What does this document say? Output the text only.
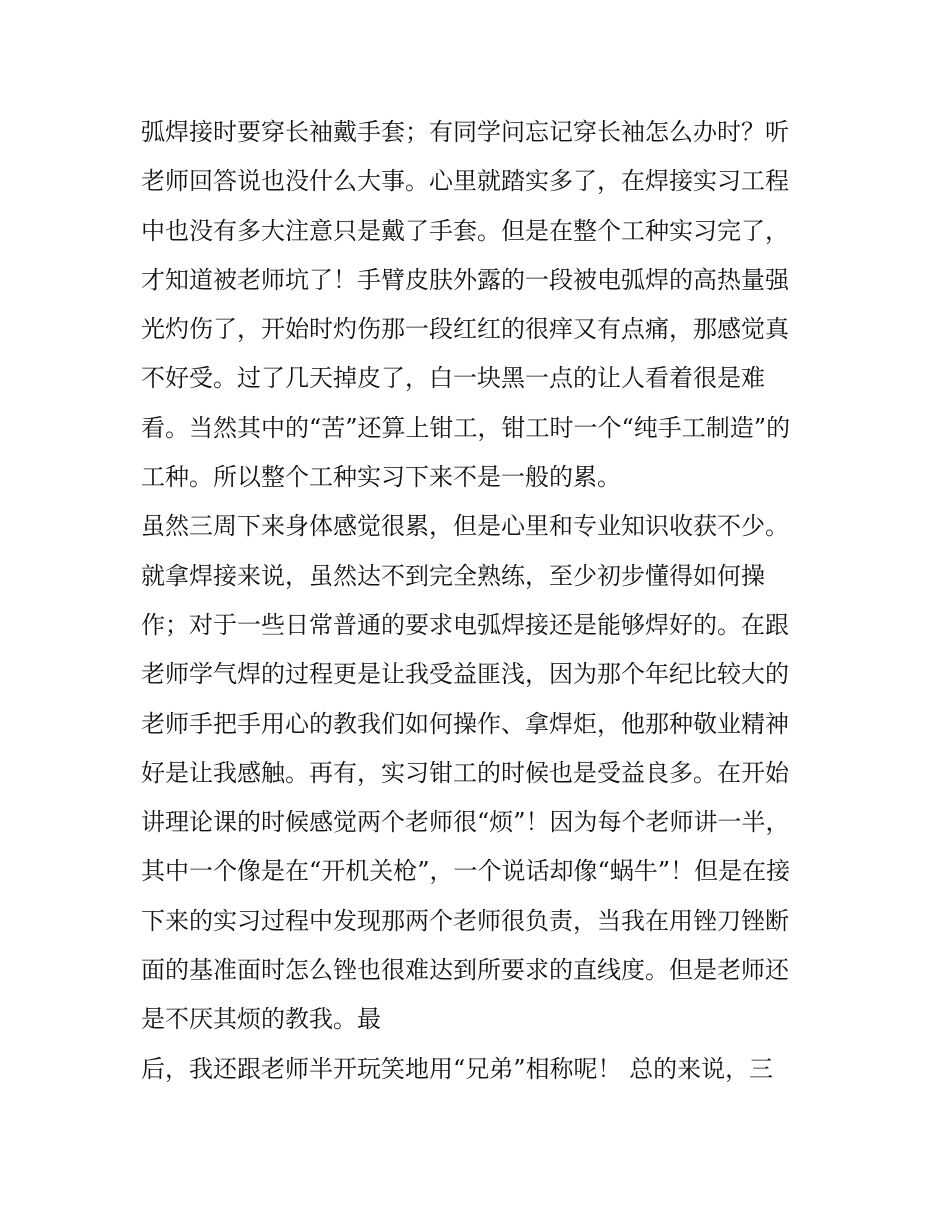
弧焊接时要穿长袖戴手套；有同学问忘记穿长袖怎么办时？听
老师回答说也没什么大事。心里就踏实多了，在焊接实习工程
中也没有多大注意只是戴了手套。但是在整个工种实习完了，
才知道被老师坑了！手臂皮肤外露的一段被电弧焊的高热量强
光灼伤了，开始时灼伤那一段红红的很痒又有点痛，那感觉真
不好受。过了几天掉皮了，白一块黑一点的让人看着很是难
看。当然其中的“苦”还算上钳工，钳工时一个“纯手工制造”的
工种。所以整个工种实习下来不是一般的累。
虽然三周下来身体感觉很累，但是心里和专业知识收获不少。
就拿焊接来说，虽然达不到完全熟练，至少初步懂得如何操
作；对于一些日常普通的要求电弧焊接还是能够焊好的。在跟
老师学气焊的过程更是让我受益匪浅，因为那个年纪比较大的
老师手把手用心的教我们如何操作、拿焊炬，他那种敬业精神
好是让我感触。再有，实习钳工的时候也是受益良多。在开始
讲理论课的时候感觉两个老师很“烦”！因为每个老师讲一半，
其中一个像是在“开机关枪”，一个说话却像“蜗牛”！但是在接
下来的实习过程中发现那两个老师很负责，当我在用锉刀锉断
面的基准面时怎么锉也很难达到所要求的直线度。但是老师还
是不厌其烦的教我。最
后，我还跟老师半开玩笑地用“兄弟”相称呢！ 总的来说，三
